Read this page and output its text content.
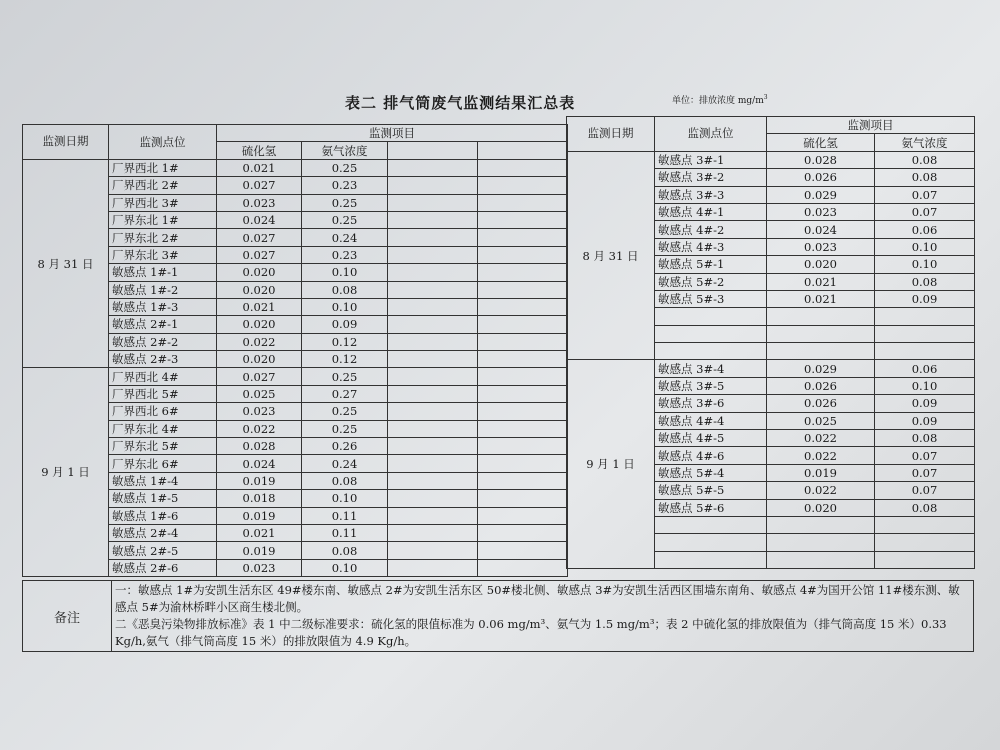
表二 排气筒废气监测结果汇总表	单位：排放浓度 $mg/m^3$
监测日期	监测点位	监测项目			
		硫化氢	氨气浓度		
8 月 31 日	厂界西北 1#	0.021	0.25		
	厂界西北 2#	0.027	0.23		
	厂界西北 3#	0.023	0.25		
	厂界东北 1#	0.024	0.25		
	厂界东北 2#	0.027	0.24		
	厂界东北 3#	0.027	0.23		
	敏感点 1#-1	0.020	0.10		
	敏感点 1#-2	0.020	0.08		
	敏感点 1#-3	0.021	0.10		
	敏感点 2#-1	0.020	0.09		
	敏感点 2#-2	0.022	0.12		
	敏感点 2#-3	0.020	0.12		
9 月 1 日	厂界西北 4#	0.027	0.25		
	厂界西北 5#	0.025	0.27		
	厂界西北 6#	0.023	0.25		
	厂界东北 4#	0.022	0.25		
	厂界东北 5#	0.028	0.26		
	厂界东北 6#	0.024	0.24		
	敏感点 1#-4	0.019	0.08		
	敏感点 1#-5	0.018	0.10		
	敏感点 1#-6	0.019	0.11		
	敏感点 2#-4	0.021	0.11		
	敏感点 2#-5	0.019	0.08		
	敏感点 2#-6	0.023	0.10		
监测日期	监测点位	监测项目	
		硫化氢	氨气浓度
8 月 31 日	敏感点 3#-1	0.028	0.08
	敏感点 3#-2	0.026	0.08
	敏感点 3#-3	0.029	0.07
	敏感点 4#-1	0.023	0.07
	敏感点 4#-2	0.024	0.06
	敏感点 4#-3	0.023	0.10
	敏感点 5#-1	0.020	0.10
	敏感点 5#-2	0.021	0.08
	敏感点 5#-3	0.021	0.09

9 月 1 日	敏感点 3#-4	0.029	0.06
	敏感点 3#-5	0.026	0.10
	敏感点 3#-6	0.026	0.09
	敏感点 4#-4	0.025	0.09
	敏感点 4#-5	0.022	0.08
	敏感点 4#-6	0.022	0.07
	敏感点 5#-4	0.019	0.07
	敏感点 5#-5	0.022	0.07
	敏感点 5#-6	0.020	0.08

备注	
一：敏感点 1#为安凯生活东区 49#楼东南、敏感点 2#为安凯生活东区 50#楼北侧、敏感点 3#为安凯生活西区围墙东南角、敏感点 4#为国开公馆 11#楼东测、敏感点 5#为渝林桥畔小区商生楼北侧。
二《恶臭污染物排放标准》表 1 中二级标准要求：硫化氢的限值标准为 0.06 mg/m³、氨气为 1.5 mg/m³；表 2 中硫化氢的排放限值为（排气筒高度 15 米）0.33 Kg/h,氨气（排气筒高度 15 米）的排放限值为 4.9 Kg/h。
